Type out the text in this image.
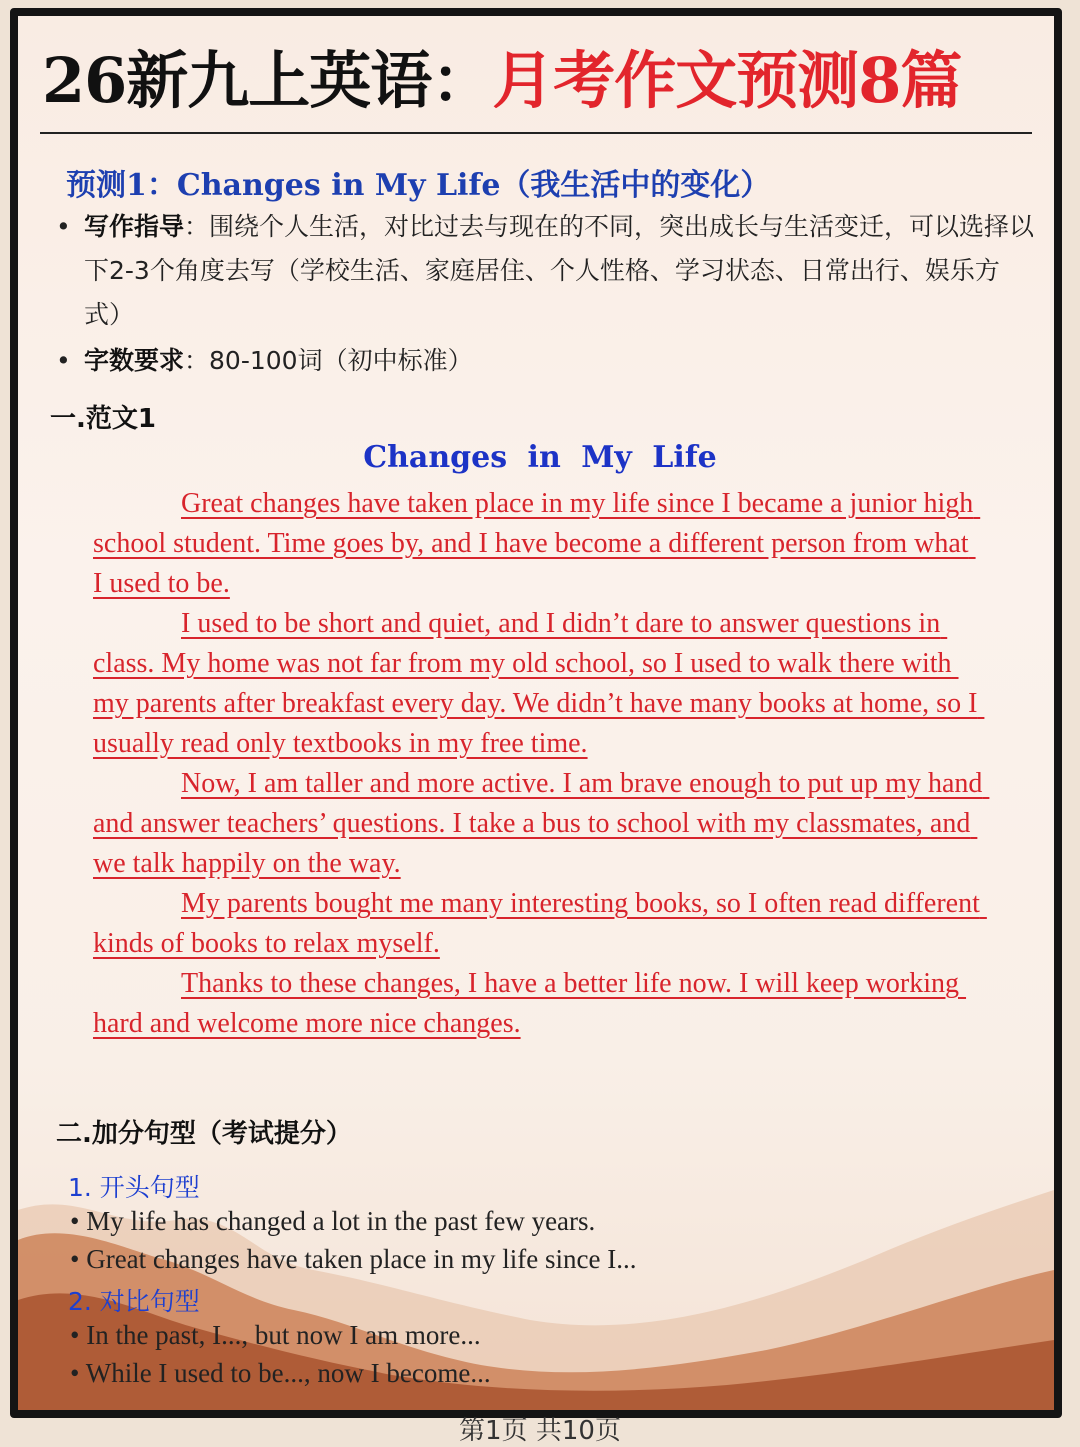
26新九上英语：月考作文预测8篇
预测1：Changes in My Life（我生活中的变化）
• 写作指导：围绕个人生活，对比过去与现在的不同，突出成长与生活变迁，可以选择以下2-3个角度去写（学校生活、家庭居住、个人性格、学习状态、日常出行、娱乐方式）
• 字数要求：80-100词（初中标准）
一.范文1
Changes in My Life

Great changes have taken place in my life since I became a junior high school student. Time goes by, and I have become a different person from what I used to be.

I used to be short and quiet, and I didn’t dare to answer questions in class. My home was not far from my old school, so I used to walk there with my parents after breakfast every day. We didn’t have many books at home, so I usually read only textbooks in my free time.

Now, I am taller and more active. I am brave enough to put up my hand and answer teachers’ questions. I take a bus to school with my classmates, and we talk happily on the way.

My parents bought me many interesting books, so I often read different kinds of books to relax myself.

Thanks to these changes, I have a better life now. I will keep working hard and welcome more nice changes.

二.加分句型（考试提分）

1. 开头句型

• My life has changed a lot in the past few years.

• Great changes have taken place in my life since I...

2. 对比句型

• In the past, I..., but now I am more...

• While I used to be..., now I become...

第1页 共10页
